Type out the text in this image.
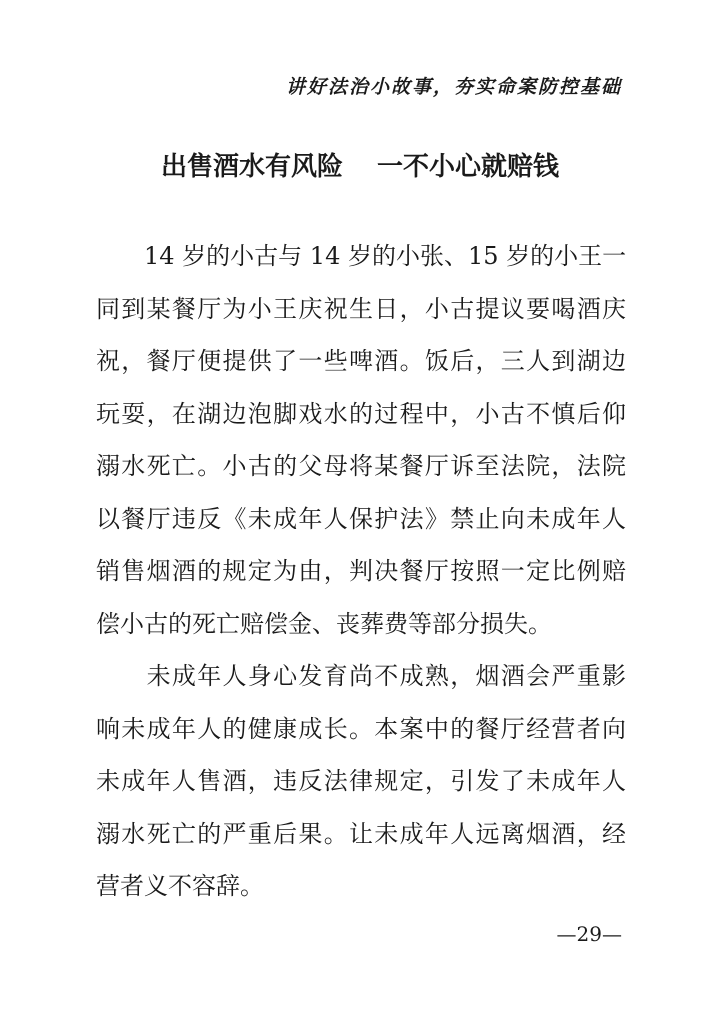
讲好法治小故事，夯实命案防控基础
出售酒水有风险 一不小心就赔钱
　　14 岁的小古与 14 岁的小张、15 岁的小王一
同到某餐厅为小王庆祝生日，小古提议要喝酒庆
祝，餐厅便提供了一些啤酒。饭后，三人到湖边
玩耍，在湖边泡脚戏水的过程中，小古不慎后仰
溺水死亡。小古的父母将某餐厅诉至法院，法院
以餐厅违反《未成年人保护法》禁止向未成年人
销售烟酒的规定为由，判决餐厅按照一定比例赔
偿小古的死亡赔偿金、丧葬费等部分损失。
　　未成年人身心发育尚不成熟，烟酒会严重影
响未成年人的健康成长。本案中的餐厅经营者向
未成年人售酒，违反法律规定，引发了未成年人
溺水死亡的严重后果。让未成年人远离烟酒，经
营者义不容辞。
—29—
